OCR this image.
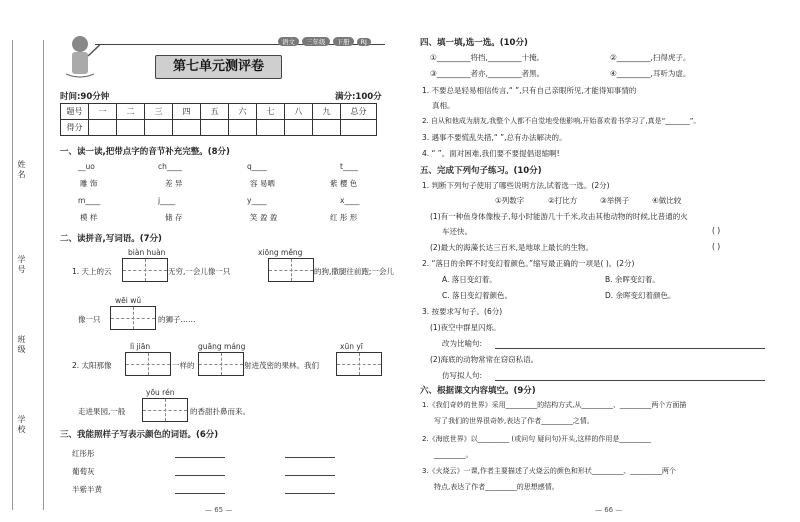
姓名
学号
班级
学校
语文 三年级 下册 RJ
第七单元测评卷
时间:90分钟	满分:100分
题号	一	二	三	四	五	六	七	八	九	总分
得分										
一、读一读,把带点字的音节补充完整。(8分)
__uo	ch____	q____	t____
雕 饰	差 异	容 易晒	紫 樱 色
m____	j____	y____	x____
模 样	储 存	笑 盈 盈	红 彤 形
二、读拼音,写词语。(7分)
biàn huàn	xiōng měng
1. 天上的云	无穷,一会儿像一只	的狗,撒腿往前跑;一会儿
wēi wǔ
像一只	的狮子……
lì jiān	guāng máng	xūn yī
2. 太阳那像	一样的	射进茂密的果林。我们
yōu rén
走进果园,一般	的香甜扑鼻而来。
三、我能照样子写表示颜色的词语。(6分)
红彤彤
葡萄灰
半紫半黄
— 65 —
四、填一填,选一选。(10分)
①_________将挡,_________十掩。	②_________,扫得虎子。
③_________者亦,_________者黑。	④_________,耳听为虚。
1. 不要总是轻易相信传言,“ ”,只有自己亲眼所见,才能得知事情的
真相。
2. 自从和他成为朋友,我整个人都不自觉地受他影响,开始喜欢看书学习了,真是“_______”。
3. 遇事不要慌乱失措,“ ”,总有办法解决的。
4. “ ”。面对困难,我们要不要提倡退缩啊!
五、完成下列句子练习。(10分)
1. 判断下列句子使用了哪些说明方法,试着选一选。(2分)
①列数字	②打比方	③举例子	④做比较
(1)有一种鱼身体像梭子,每小时能游几十千米,攻击其他动物的时候,比普通的火
车还快。	( )
(2)最大的海藻长达三百米,是地球上最长的生物。	( )
2. “落日的余晖不时变幻着颜色。”缩写最正确的一项是( )。(2分)
A. 落日变幻着。	B. 余晖变幻着。
C. 落日变幻着颜色。	D. 余晖变幻着颜色。
3. 按要求写句子。(6分)
(1)夜空中群星闪烁。
改为比喻句:
(2)海底的动物常常在窃窃私语。
仿写拟人句:
六、根据课文内容填空。(9分)
1.《我们奇妙的世界》采用_________的结构方式,从_________、_________两个方面描
写了我们的世界很奇妙,表达了作者_________之情。
2.《海底世界》以_________ (或问句 疑问句)开头,这样的作用是_________
_________。
3.《火烧云》一课,作者主要描述了火烧云的颜色和形状_________、_________两个
特点,表达了作者_________的思想感情。
— 66 —
